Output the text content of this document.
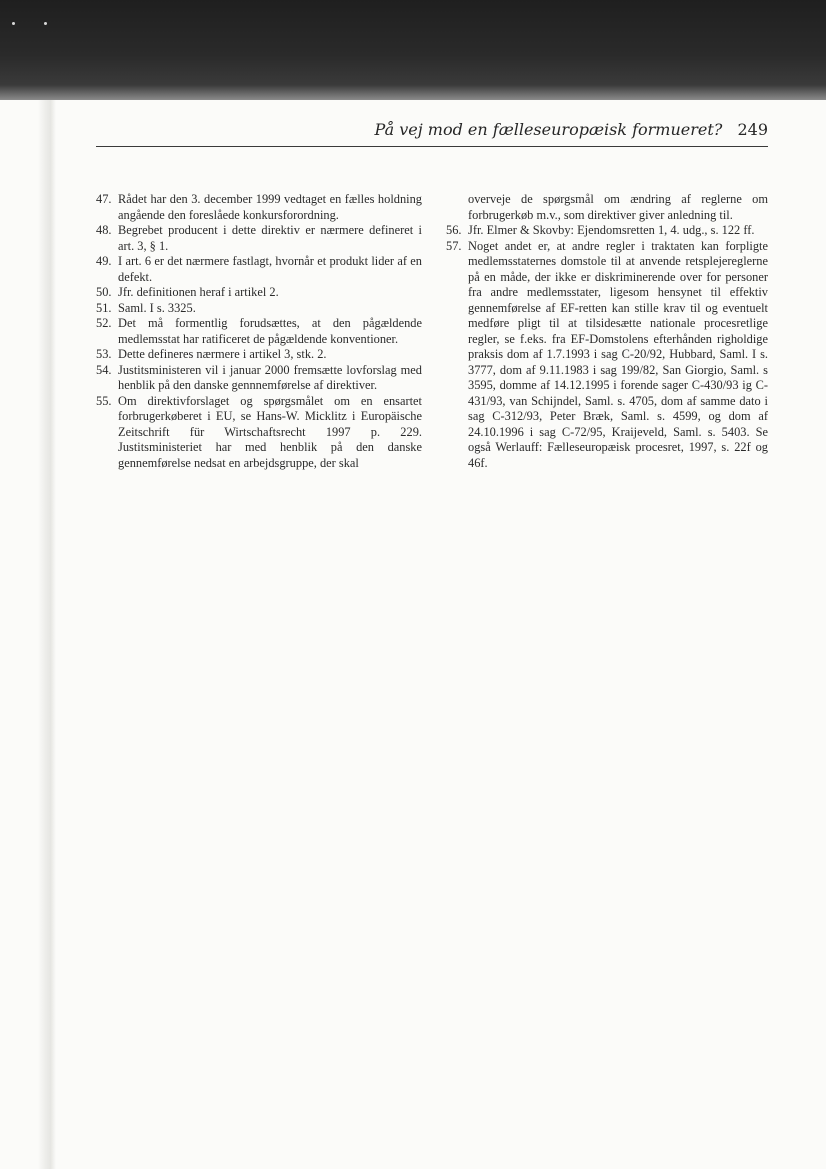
På vej mod en fælleseuropæisk formueret? 249

47. Rådet har den 3. december 1999 vedtaget en fælles holdning angående den foreslåede konkursforordning.

48. Begrebet producent i dette direktiv er nærmere defineret i art. 3, § 1.

49. I art. 6 er det nærmere fastlagt, hvornår et produkt lider af en defekt.

50. Jfr. definitionen heraf i artikel 2.

51. Saml. I s. 3325.

52. Det må formentlig forudsættes, at den pågældende medlemsstat har ratificeret de pågældende konventioner.

53. Dette defineres nærmere i artikel 3, stk. 2.

54. Justitsministeren vil i januar 2000 fremsætte lovforslag med henblik på den danske gennnemførelse af direktiver.

55. Om direktivforslaget og spørgsmålet om en ensartet forbrugerkøberet i EU, se Hans-W. Micklitz i Europäische Zeitschrift für Wirtschaftsrecht 1997 p. 229. Justitsministeriet har med henblik på den danske gennemførelse nedsat en arbejdsgruppe, der skal

overveje de spørgsmål om ændring af reglerne om forbrugerkøb m.v., som direktiver giver anledning til.

56. Jfr. Elmer & Skovby: Ejendomsretten 1, 4. udg., s. 122 ff.

57. Noget andet er, at andre regler i traktaten kan forpligte medlemsstaternes domstole til at anvende retsplejereglerne på en måde, der ikke er diskriminerende over for personer fra andre medlemsstater, ligesom hensynet til effektiv gennemførelse af EF-retten kan stille krav til og eventuelt medføre pligt til at tilsidesætte nationale procesretlige regler, se f.eks. fra EF-Domstolens efterhånden righoldige praksis dom af 1.7.1993 i sag C-20/92, Hubbard, Saml. I s. 3777, dom af 9.11.1983 i sag 199/82, San Giorgio, Saml. s 3595, domme af 14.12.1995 i forende sager C-430/93 ig C-431/93, van Schijndel, Saml. s. 4705, dom af samme dato i sag C-312/93, Peter Bræk, Saml. s. 4599, og dom af 24.10.1996 i sag C-72/95, Kraijeveld, Saml. s. 5403. Se også Werlauff: Fælleseuropæisk procesret, 1997, s. 22f og 46f.
